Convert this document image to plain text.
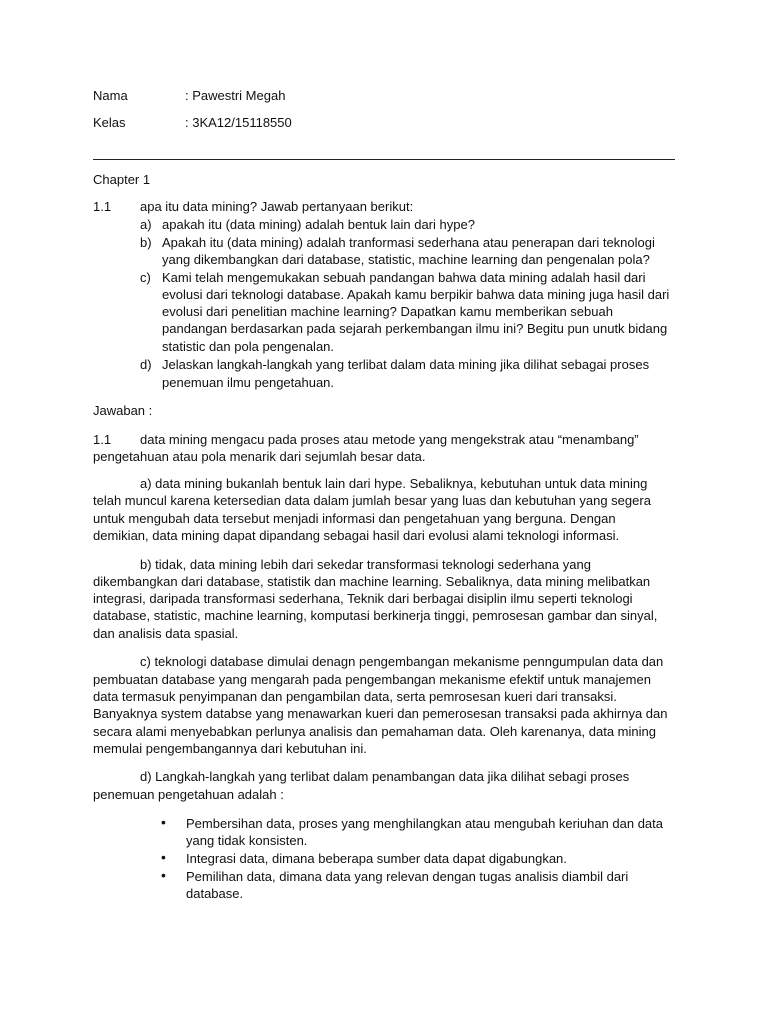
Nama	: Pawestri Megah
Kelas	: 3KA12/15118550
Chapter 1
1.1 apa itu data mining? Jawab pertanyaan berikut:
a) apakah itu (data mining) adalah bentuk lain dari hype?
b) Apakah itu (data mining) adalah tranformasi sederhana atau penerapan dari teknologi
yang dikembangkan dari database, statistic, machine learning dan pengenalan pola?
c) Kami telah mengemukakan sebuah pandangan bahwa data mining adalah hasil dari
evolusi dari teknologi database. Apakah kamu berpikir bahwa data mining juga hasil dari
evolusi dari penelitian machine learning? Dapatkan kamu memberikan sebuah
pandangan berdasarkan pada sejarah perkembangan ilmu ini? Begitu pun unutk bidang
statistic dan pola pengenalan.
d) Jelaskan langkah-langkah yang terlibat dalam data mining jika dilihat sebagai proses
penemuan ilmu pengetahuan.
Jawaban :
1.1 data mining mengacu pada proses atau metode yang mengekstrak atau “menambang”
pengetahuan atau pola menarik dari sejumlah besar data.
a) data mining bukanlah bentuk lain dari hype. Sebaliknya, kebutuhan untuk data mining
telah muncul karena ketersedian data dalam jumlah besar yang luas dan kebutuhan yang segera
untuk mengubah data tersebut menjadi informasi dan pengetahuan yang berguna. Dengan
demikian, data mining dapat dipandang sebagai hasil dari evolusi alami teknologi informasi.
b) tidak, data mining lebih dari sekedar transformasi teknologi sederhana yang
dikembangkan dari database, statistik dan machine learning. Sebaliknya, data mining melibatkan
integrasi, daripada transformasi sederhana, Teknik dari berbagai disiplin ilmu seperti teknologi
database, statistic, machine learning, komputasi berkinerja tinggi, pemrosesan gambar dan sinyal,
dan analisis data spasial.
c) teknologi database dimulai denagn pengembangan mekanisme penngumpulan data dan
pembuatan database yang mengarah pada pengembangan mekanisme efektif untuk manajemen
data termasuk penyimpanan dan pengambilan data, serta pemrosesan kueri dari transaksi.
Banyaknya system databse yang menawarkan kueri dan pemerosesan transaksi pada akhirnya dan
secara alami menyebabkan perlunya analisis dan pemahaman data. Oleh karenanya, data mining
memulai pengembangannya dari kebutuhan ini.
d) Langkah-langkah yang terlibat dalam penambangan data jika dilihat sebagi proses
penemuan pengetahuan adalah :
• Pembersihan data, proses yang menghilangkan atau mengubah keriuhan dan data
yang tidak konsisten.
• Integrasi data, dimana beberapa sumber data dapat digabungkan.
• Pemilihan data, dimana data yang relevan dengan tugas analisis diambil dari
database.
